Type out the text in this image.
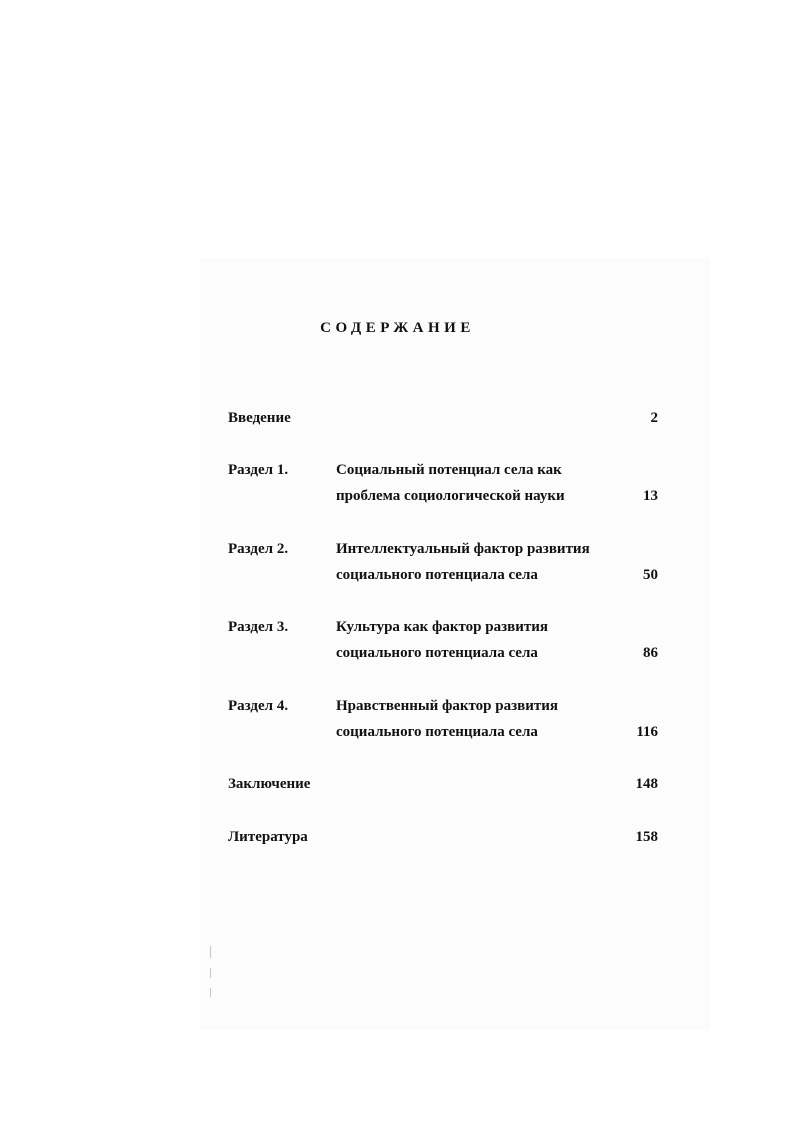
СОДЕРЖАНИЕ
Введение	2
Раздел 1.	Социальный потенциал села как
проблема социологической науки	13
Раздел 2.	Интеллектуальный фактор развития
социального потенциала села	50
Раздел 3.	Культура как фактор развития
социального потенциала села	86
Раздел 4.	Нравственный фактор развития
социального потенциала села	116
Заключение	148
Литература	158
